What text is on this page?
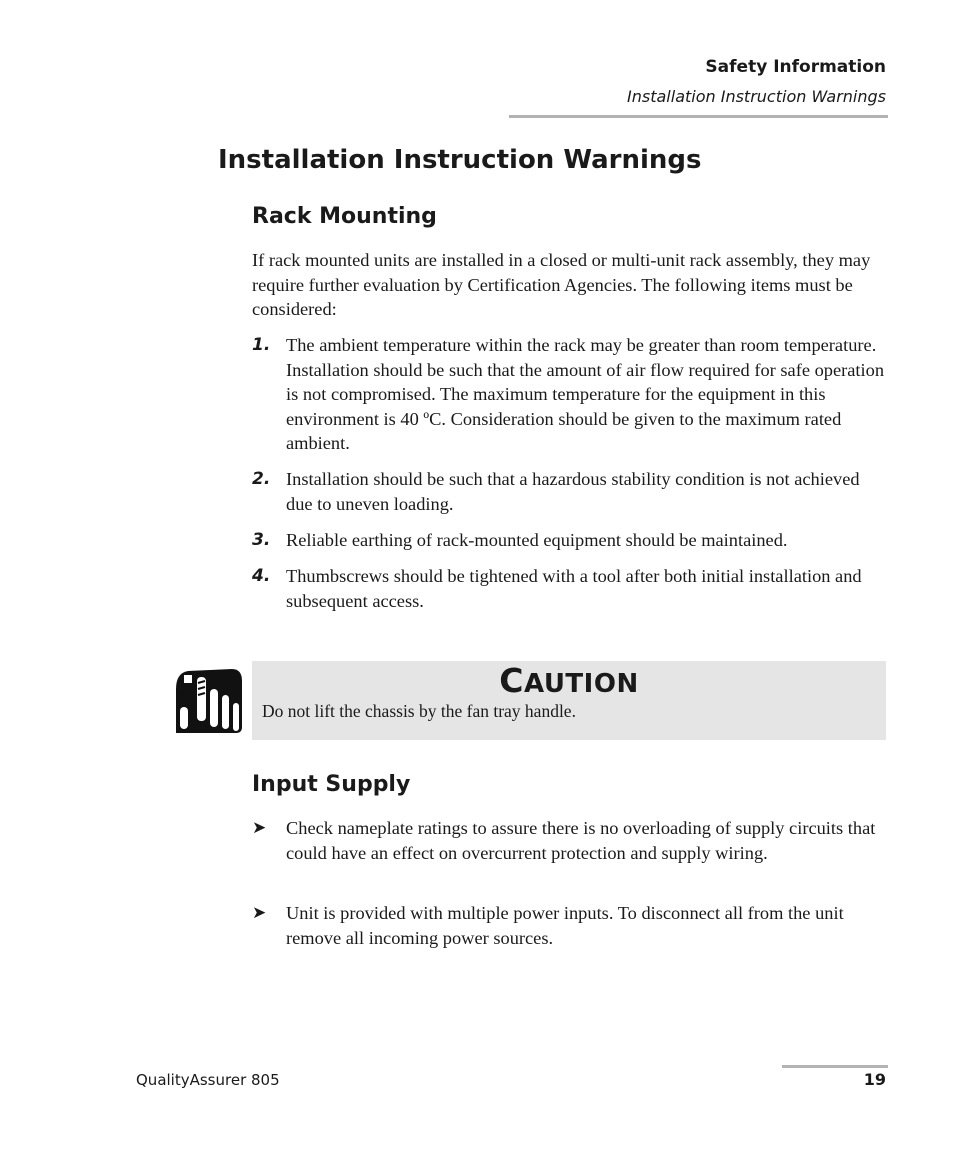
Safety Information
Installation Instruction Warnings
Installation Instruction Warnings
Rack Mounting
If rack mounted units are installed in a closed or multi-unit rack assembly, they may require further evaluation by Certification Agencies. The following items must be considered:
1. The ambient temperature within the rack may be greater than room temperature. Installation should be such that the amount of air flow required for safe operation is not compromised. The maximum temperature for the equipment in this environment is 40 ºC. Consideration should be given to the maximum rated ambient.
2. Installation should be such that a hazardous stability condition is not achieved due to uneven loading.
3. Reliable earthing of rack-mounted equipment should be maintained.
4. Thumbscrews should be tightened with a tool after both initial installation and subsequent access.
CAUTION
Do not lift the chassis by the fan tray handle.
Input Supply
➤ Check nameplate ratings to assure there is no overloading of supply circuits that could have an effect on overcurrent protection and supply wiring.
➤ Unit is provided with multiple power inputs. To disconnect all from the unit remove all incoming power sources.
QualityAssurer 805	19
